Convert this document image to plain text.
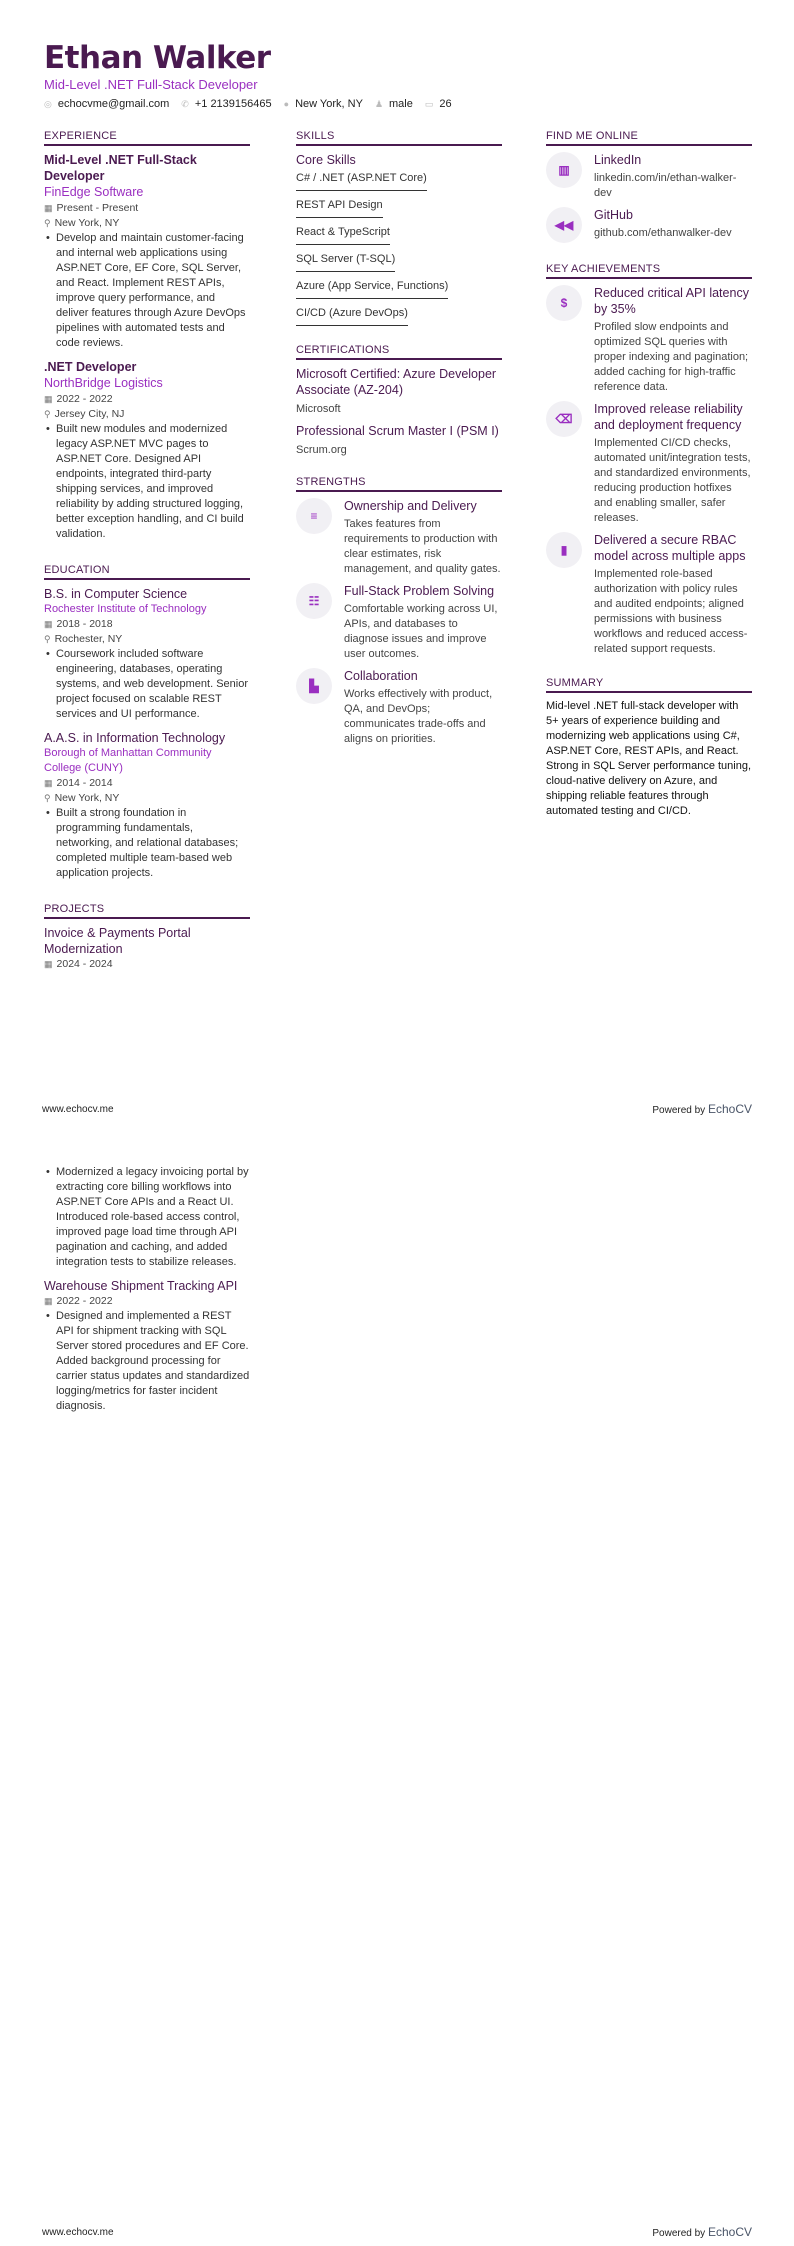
Ethan Walker
Mid-Level .NET Full-Stack Developer
◎ echocvme@gmail.com ✆ +1 2139156465 ● New York, NY ♟ male ▭ 26
EXPERIENCE
Mid-Level .NET Full-Stack Developer
FinEdge Software
▦ Present - Present
⚲ New York, NY
• Develop and maintain customer-facing and internal web applications using ASP.NET Core, EF Core, SQL Server, and React. Implement REST APIs, improve query performance, and deliver features through Azure DevOps pipelines with automated tests and code reviews.
.NET Developer
NorthBridge Logistics
▦ 2022 - 2022
⚲ Jersey City, NJ
• Built new modules and modernized legacy ASP.NET MVC pages to ASP.NET Core. Designed API endpoints, integrated third-party shipping services, and improved reliability by adding structured logging, better exception handling, and CI build validation.
EDUCATION
B.S. in Computer Science
Rochester Institute of Technology
▦ 2018 - 2018
⚲ Rochester, NY
• Coursework included software engineering, databases, operating systems, and web development. Senior project focused on scalable REST services and UI performance.
A.A.S. in Information Technology
Borough of Manhattan Community College (CUNY)
▦ 2014 - 2014
⚲ New York, NY
• Built a strong foundation in programming fundamentals, networking, and relational databases; completed multiple team-based web application projects.
PROJECTS
Invoice & Payments Portal Modernization
▦ 2024 - 2024
SKILLS
Core Skills
C# / .NET (ASP.NET Core)
REST API Design
React & TypeScript
SQL Server (T-SQL)
Azure (App Service, Functions)
CI/CD (Azure DevOps)
CERTIFICATIONS
Microsoft Certified: Azure Developer Associate (AZ-204)
Microsoft
Professional Scrum Master I (PSM I)
Scrum.org
STRENGTHS
≡
Ownership and Delivery
Takes features from requirements to production with clear estimates, risk management, and quality gates.
☷
Full-Stack Problem Solving
Comfortable working across UI, APIs, and databases to diagnose issues and improve user outcomes.
▙
Collaboration
Works effectively with product, QA, and DevOps; communicates trade-offs and aligns on priorities.
FIND ME ONLINE
▥
LinkedIn
linkedin.com/in/ethan-walker-dev
◀◀
GitHub
github.com/ethanwalker-dev
KEY ACHIEVEMENTS
$
Reduced critical API latency by 35%
Profiled slow endpoints and optimized SQL queries with proper indexing and pagination; added caching for high-traffic reference data.
⌫
Improved release reliability and deployment frequency
Implemented CI/CD checks, automated unit/integration tests, and standardized environments, reducing production hotfixes and enabling smaller, safer releases.
▮
Delivered a secure RBAC model across multiple apps
Implemented role-based authorization with policy rules and audited endpoints; aligned permissions with business workflows and reduced access-related support requests.
SUMMARY
Mid-level .NET full-stack developer with 5+ years of experience building and modernizing web applications using C#, ASP.NET Core, REST APIs, and React. Strong in SQL Server performance tuning, cloud-native delivery on Azure, and shipping reliable features through automated testing and CI/CD.
www.echocv.me	Powered by EchoCV
• Modernized a legacy invoicing portal by extracting core billing workflows into ASP.NET Core APIs and a React UI. Introduced role-based access control, improved page load time through API pagination and caching, and added integration tests to stabilize releases.
Warehouse Shipment Tracking API
▦ 2022 - 2022
• Designed and implemented a REST API for shipment tracking with SQL Server stored procedures and EF Core. Added background processing for carrier status updates and standardized logging/metrics for faster incident diagnosis.
www.echocv.me	Powered by EchoCV
